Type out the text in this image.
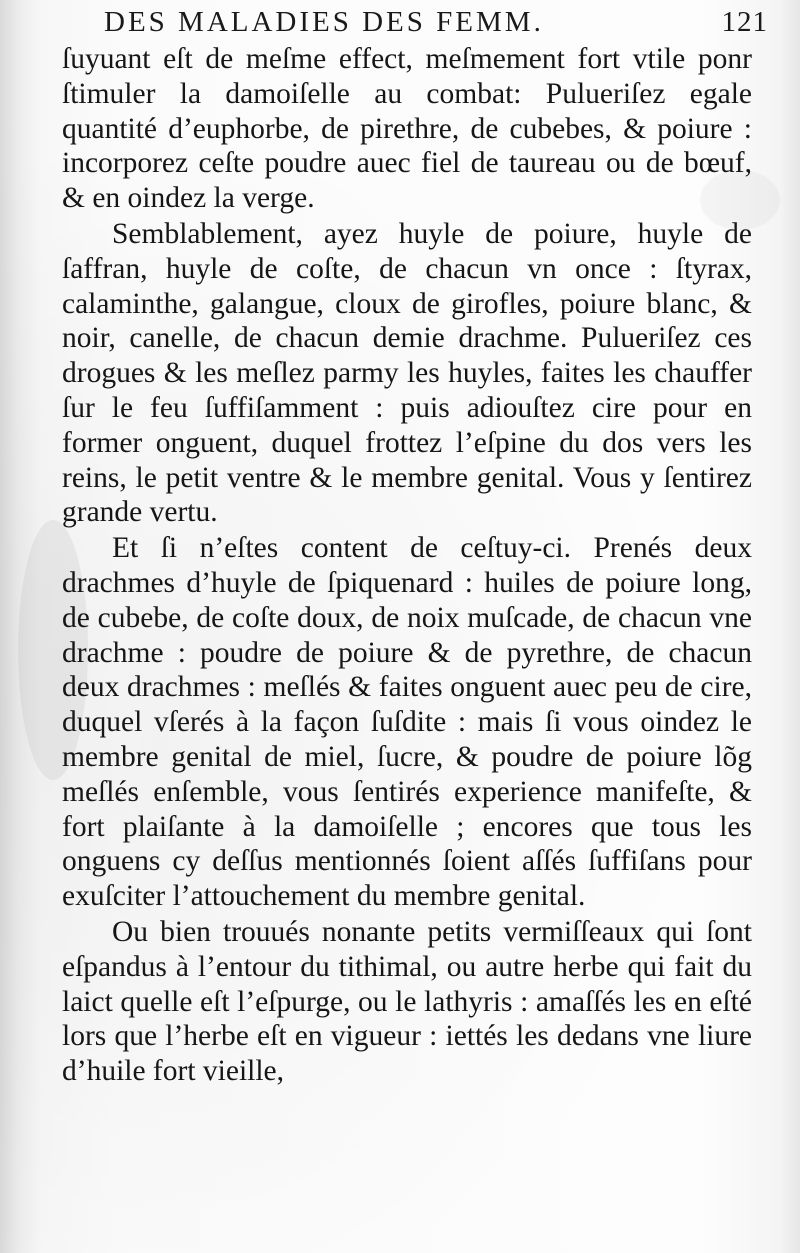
DES MALADIES DES FEMM.	121

ſuyuant eſt de meſme effect, meſmement fort vtile ponr ſtimuler la damoiſelle au combat: Pulueriſez egale quantité d’euphorbe, de pirethre, de cubebes, & poiure : incorporez ceſte poudre auec fiel de taureau ou de bœuf, & en oindez la verge.

Semblablement, ayez huyle de poiure, huyle de ſaffran, huyle de coſte, de chacun vn once : ſtyrax, calaminthe, galangue, cloux de girofles, poiure blanc, & noir, canelle, de chacun demie drachme. Pulueriſez ces drogues & les meſlez parmy les huyles, faites les chauffer ſur le feu ſuffiſamment : puis adiouſtez cire pour en former onguent, duquel frottez l’eſpine du dos vers les reins, le petit ventre & le membre genital. Vous y ſentirez grande vertu.

Et ſi n’eſtes content de ceſtuy-ci. Prenés deux drachmes d’huyle de ſpiquenard : huiles de poiure long, de cubebe, de coſte doux, de noix muſcade, de chacun vne drachme : poudre de poiure & de pyrethre, de chacun deux drachmes : meſlés & faites onguent auec peu de cire, duquel vſerés à la façon ſuſdite : mais ſi vous oindez le membre genital de miel, ſucre, & poudre de poiure lõg meſlés enſemble, vous ſentirés experience manifeſte, & fort plaiſante à la damoiſelle ; encores que tous les onguens cy deſſus mentionnés ſoient aſſés ſuffiſans pour exuſciter l’attouchement du membre genital.

Ou bien trouués nonante petits vermiſſeaux qui ſont eſpandus à l’entour du tithimal, ou autre herbe qui fait du laict quelle eſt l’eſpurge, ou le lathyris : amaſſés les en eſté lors que l’herbe eſt en vigueur : iettés les dedans vne liure d’huile fort vieille,
